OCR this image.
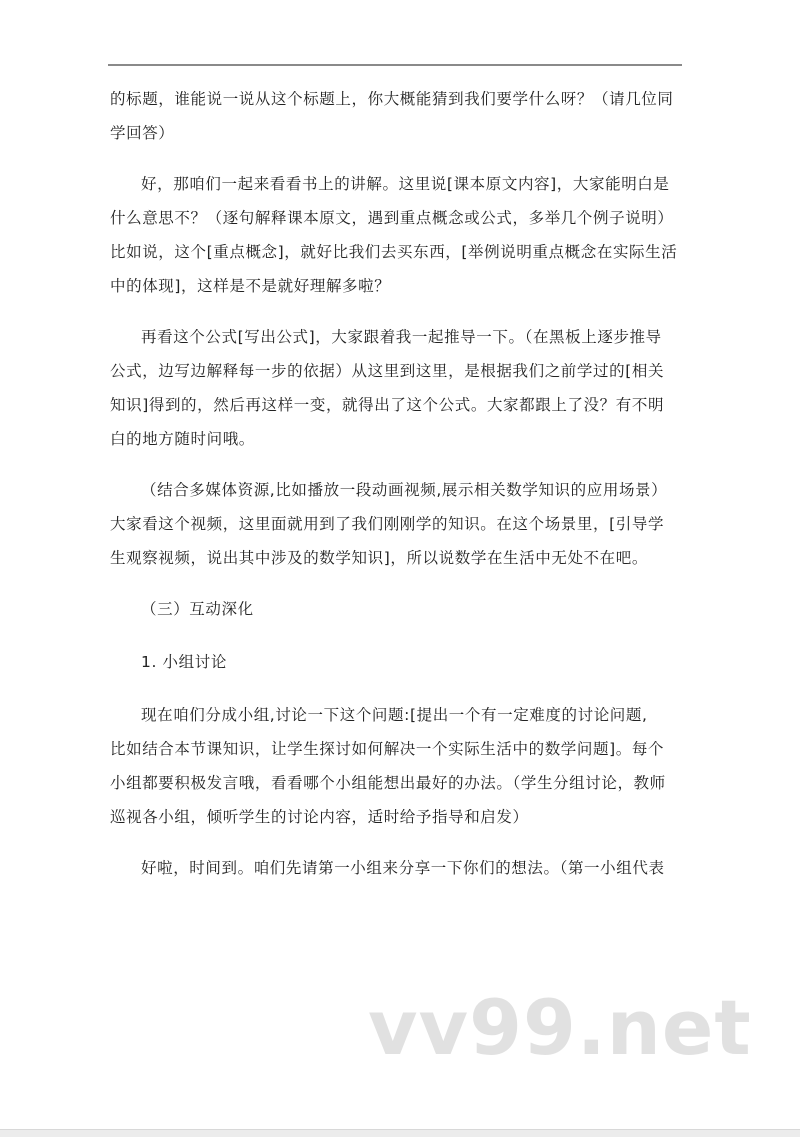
的标题，谁能说一说从这个标题上，你大概能猜到我们要学什么呀？（请几位同
学回答）

好，那咱们一起来看看书上的讲解。这里说[课本原文内容]，大家能明白是
什么意思不？（逐句解释课本原文，遇到重点概念或公式，多举几个例子说明）
比如说，这个[重点概念]，就好比我们去买东西，[举例说明重点概念在实际生活
中的体现]，这样是不是就好理解多啦？

再看这个公式[写出公式]，大家跟着我一起推导一下。（在黑板上逐步推导
公式，边写边解释每一步的依据）从这里到这里，是根据我们之前学过的[相关
知识]得到的，然后再这样一变，就得出了这个公式。大家都跟上了没？有不明
白的地方随时问哦。

（结合多媒体资源,比如播放一段动画视频,展示相关数学知识的应用场景）
大家看这个视频，这里面就用到了我们刚刚学的知识。在这个场景里，[引导学
生观察视频，说出其中涉及的数学知识]，所以说数学在生活中无处不在吧。

（三）互动深化
1. 小组讨论

现在咱们分成小组,讨论一下这个问题:[提出一个有一定难度的讨论问题,
比如结合本节课知识，让学生探讨如何解决一个实际生活中的数学问题]。每个
小组都要积极发言哦，看看哪个小组能想出最好的办法。（学生分组讨论，教师
巡视各小组，倾听学生的讨论内容，适时给予指导和启发）

好啦，时间到。咱们先请第一小组来分享一下你们的想法。（第一小组代表

vv99.net
